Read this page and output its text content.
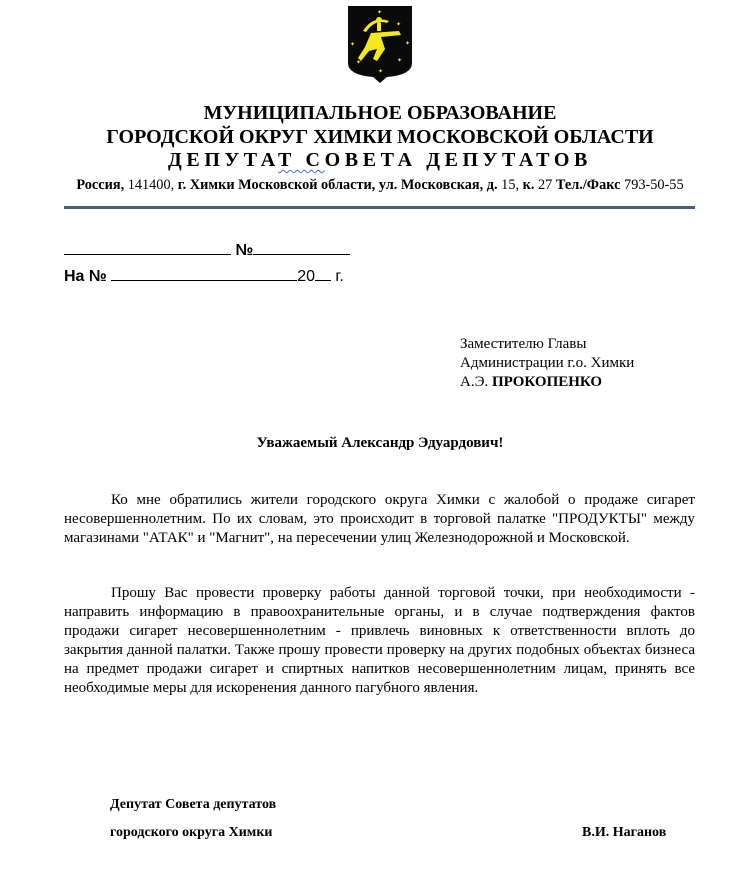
✦
✦
✦
✦
✦	✦
✦
МУНИЦИПАЛЬНОЕ ОБРАЗОВАНИЕ
ГОРОДСКОЙ ОКРУГ ХИМКИ МОСКОВСКОЙ ОБЛАСТИ
ДЕПУТАТ СОВЕТА ДЕПУТАТОВ
Россия, 141400, г. Химки Московской области, ул. Московская, д. 15, к. 27 Тел./Факс 793-50-55
№
На №	20 г.
Заместителю Главы
Администрации г.о. Химки
А.Э. ПРОКОПЕНКО
Уважаемый Александр Эдуардович!
Ко мне обратились жители городского округа Химки с жалобой о продаже сигарет несовершеннолетним. По их словам, это происходит в торговой палатке "ПРОДУКТЫ" между магазинами "АТАК" и "Магнит", на пересечении улиц Железнодорожной и Московской.
Прошу Вас провести проверку работы данной торговой точки, при необходимости - направить информацию в правоохранительные органы, и в случае подтверждения фактов продажи сигарет несовершеннолетним - привлечь виновных к ответственности вплоть до закрытия данной палатки. Также прошу провести проверку на других подобных объектах бизнеса на предмет продажи сигарет и спиртных напитков несовершеннолетним лицам, принять все необходимые меры для искоренения данного пагубного явления.
Депутат Совета депутатов
городского округа Химки	В.И. Наганов
